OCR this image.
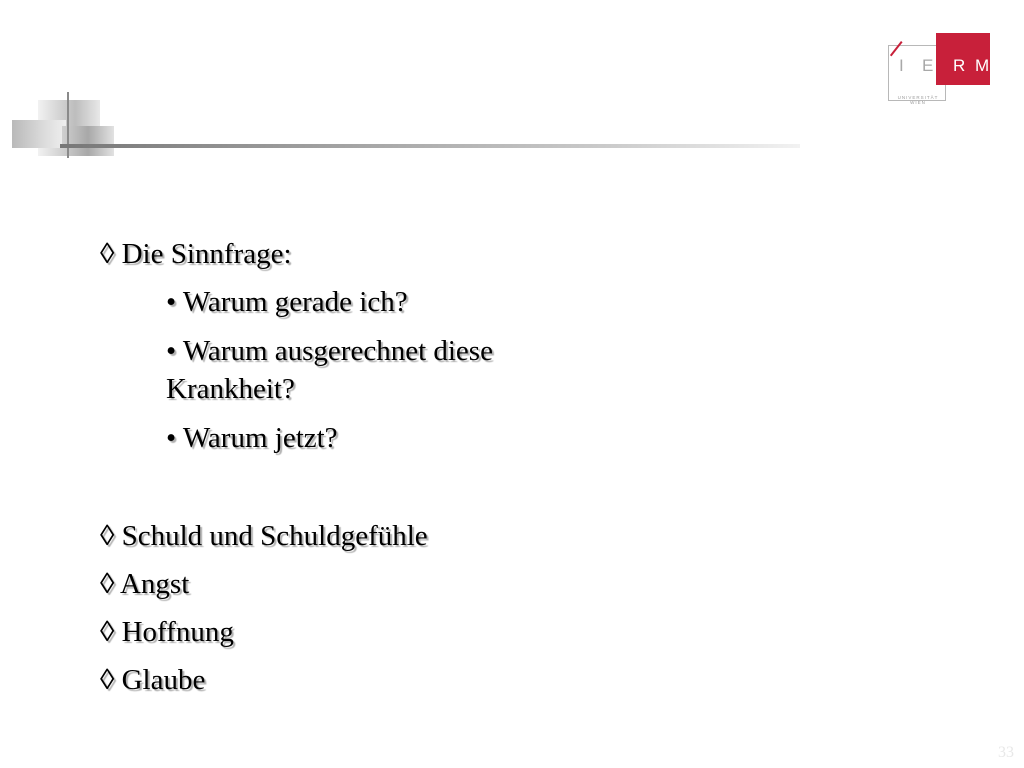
I E R M
UNIVERSITÄT WIEN
◊ Die Sinnfrage:
• Warum gerade ich?
• Warum ausgerechnet diese Krankheit?
• Warum jetzt?
◊ Schuld und Schuldgefühle
◊ Angst
◊ Hoffnung
◊ Glaube
33
